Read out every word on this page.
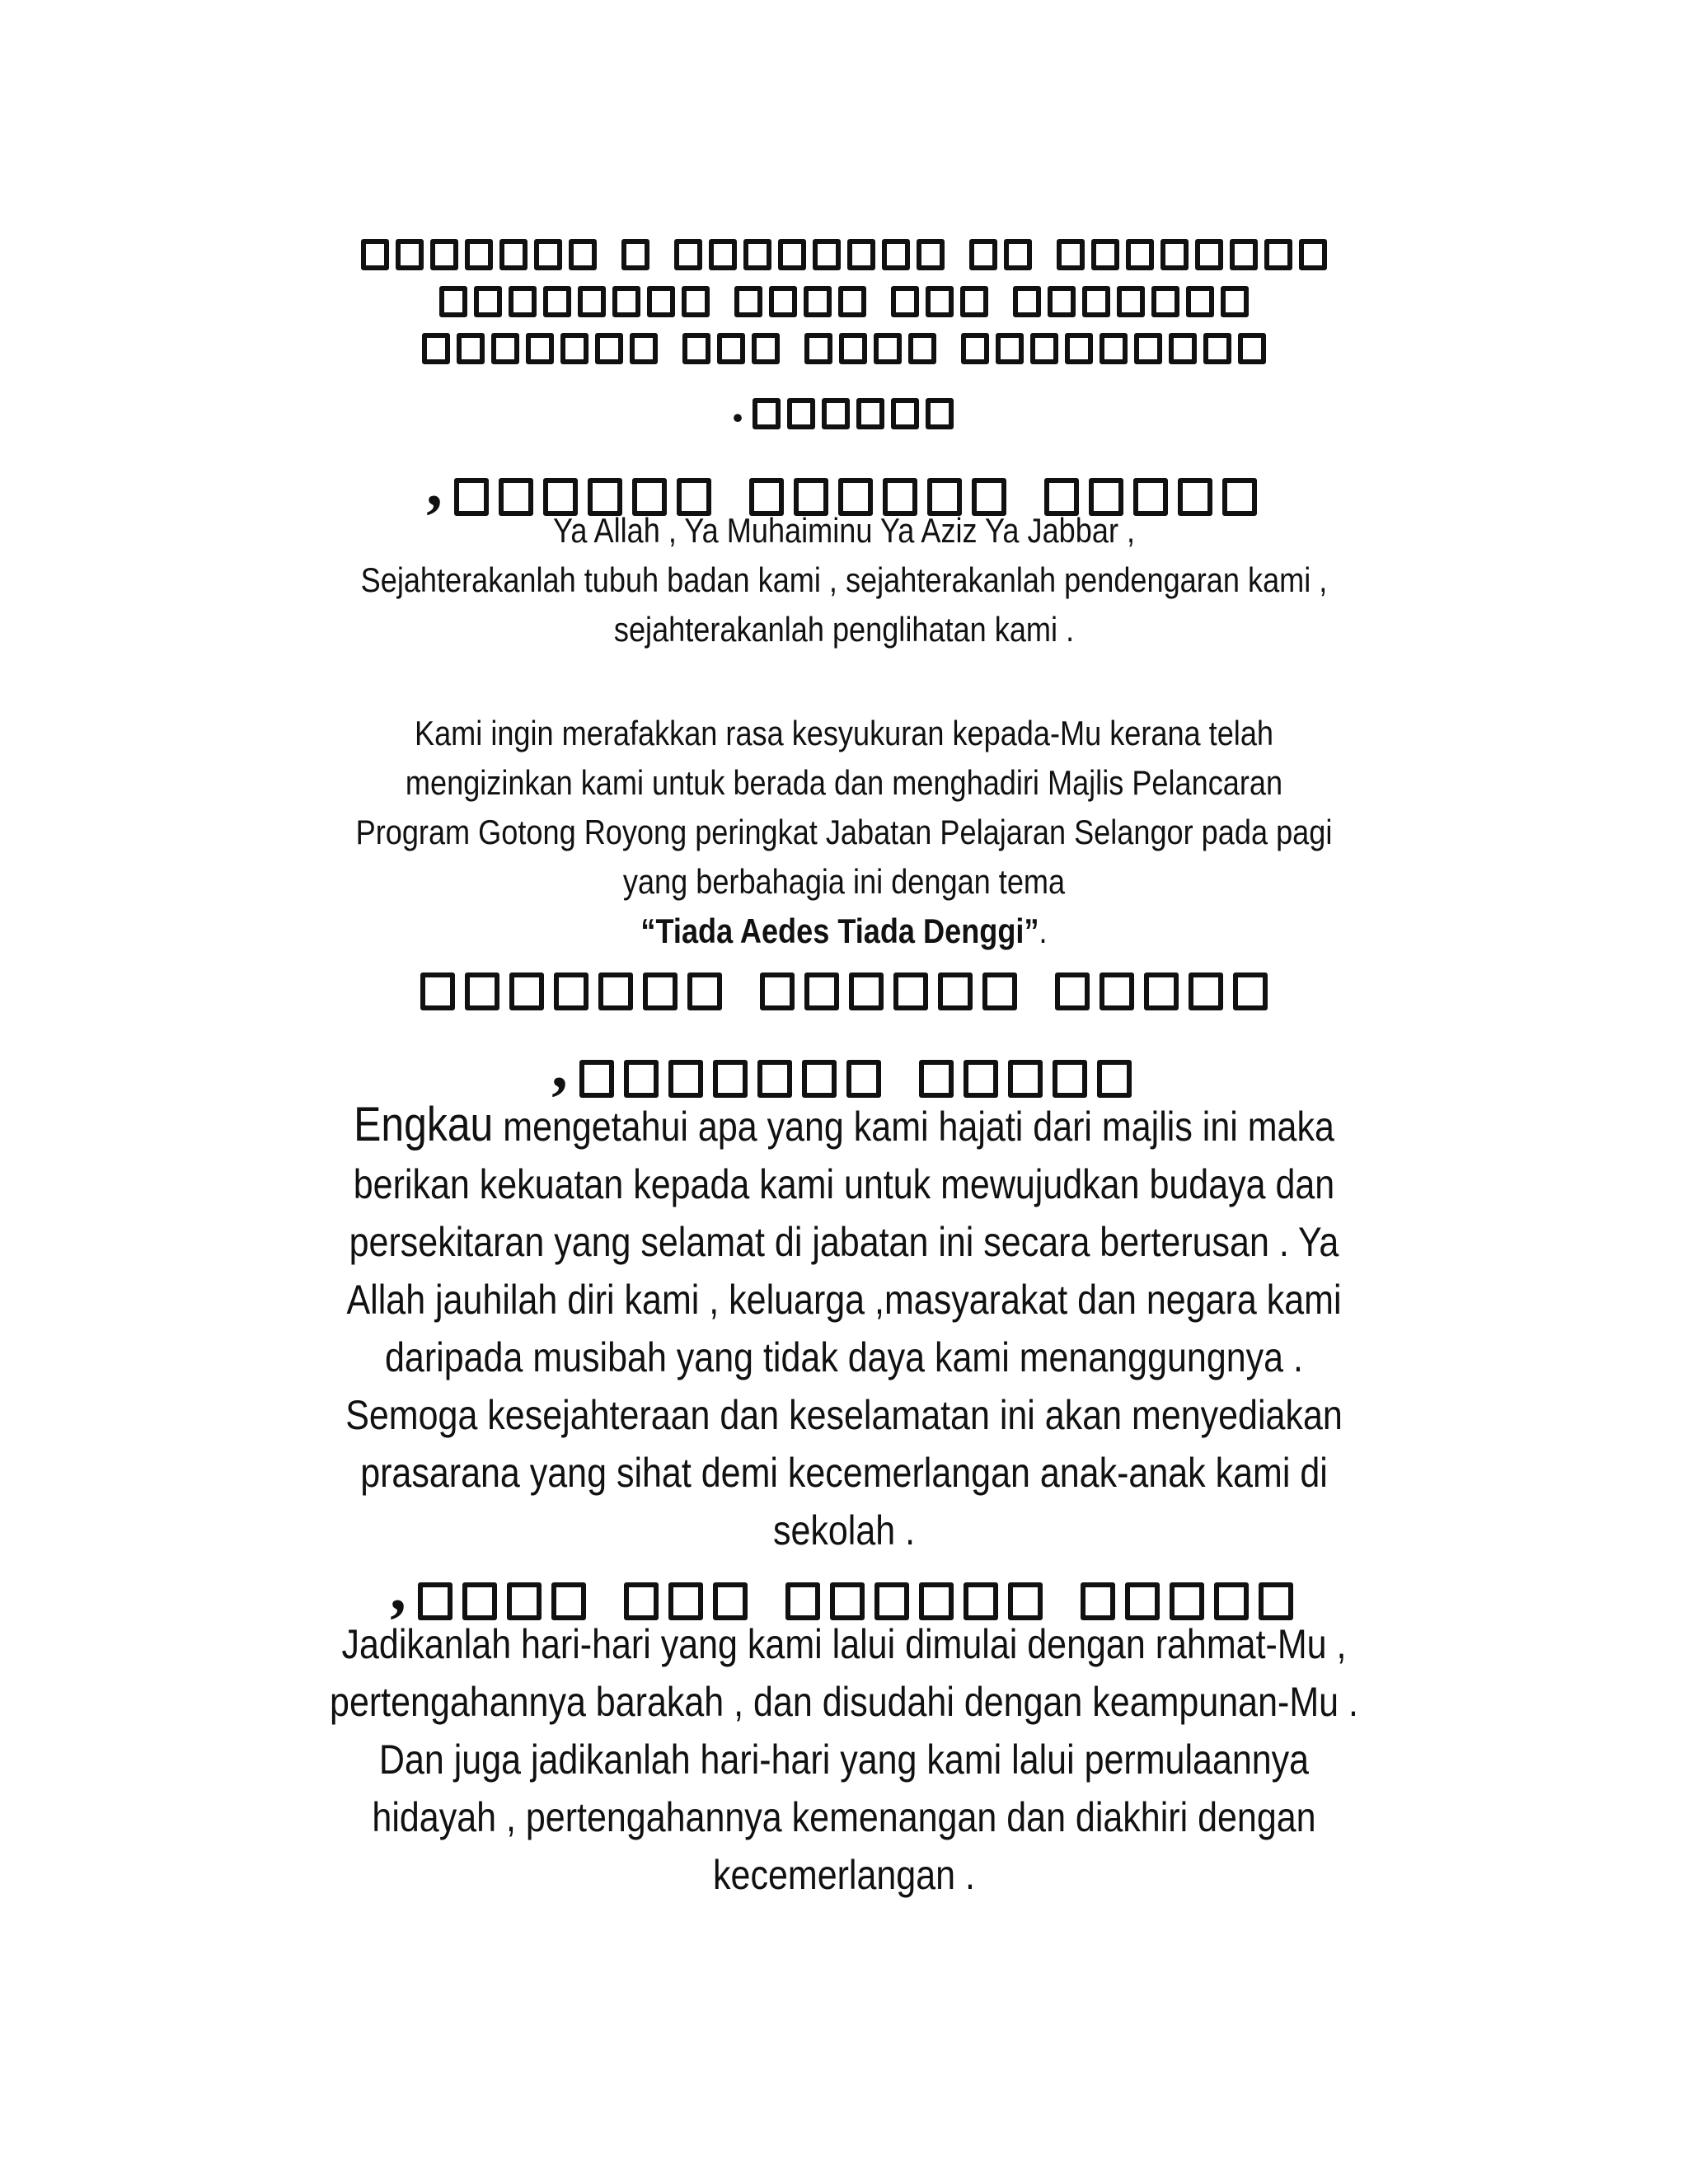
.
,

Ya Allah , Ya Muhaiminu Ya Aziz Ya Jabbar ,

Sejahterakanlah tubuh badan kami , sejahterakanlah pendengaran kami ,

sejahterakanlah penglihatan kami .

Kami ingin merafakkan rasa kesyukuran kepada-Mu kerana telah

mengizinkan kami untuk berada dan menghadiri Majlis Pelancaran

Program Gotong Royong peringkat Jabatan Pelajaran Selangor pada pagi

yang berbahagia ini dengan tema

“Tiada Aedes Tiada Denggi”.

,

Engkau mengetahui apa yang kami hajati dari majlis ini maka

berikan kekuatan kepada kami untuk mewujudkan budaya dan

persekitaran yang selamat di jabatan ini secara berterusan . Ya

Allah jauhilah diri kami , keluarga ,masyarakat dan negara kami

daripada musibah yang tidak daya kami menanggungnya .

Semoga kesejahteraan dan keselamatan ini akan menyediakan

prasarana yang sihat demi kecemerlangan anak-anak kami di

sekolah .

,

Jadikanlah hari-hari yang kami lalui dimulai dengan rahmat-Mu ,

pertengahannya barakah , dan disudahi dengan keampunan-Mu .

Dan juga jadikanlah hari-hari yang kami lalui permulaannya

hidayah , pertengahannya kemenangan dan diakhiri dengan

kecemerlangan .
